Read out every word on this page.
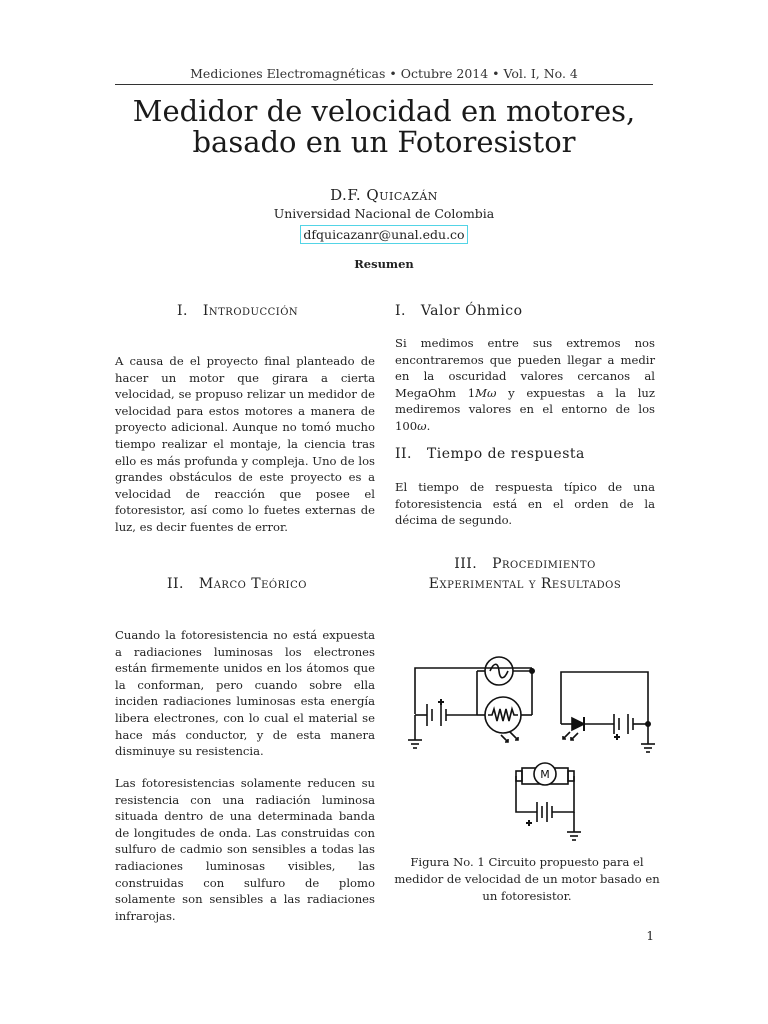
Mediciones Electromagnéticas • Octubre 2014 • Vol. I, No. 4
Medidor de velocidad en motores,
basado en un Fotoresistor
D.F. Quicazán
Universidad Nacional de Colombia
dfquicazanr@unal.edu.co
Resumen
I. Introducción

A causa de el proyecto final planteado de hacer un motor que girara a cierta velocidad, se propuso relizar un medidor de velocidad para estos motores a manera de proyecto adicional. Aunque no tomó mucho tiempo realizar el montaje, la ciencia tras ello es más profunda y compleja. Uno de los grandes obstáculos de este proyecto es a velocidad de reacción que posee el fotoresistor, así como lo fuetes externas de luz, es decir fuentes de error.

II. Marco Teórico

Cuando la fotoresistencia no está expuesta a radiaciones luminosas los electrones están firmemente unidos en los átomos que la conforman, pero cuando sobre ella inciden radiaciones luminosas esta energía libera electrones, con lo cual el material se hace más conductor, y de esta manera disminuye su resistencia.

Las fotoresistencias solamente reducen su resistencia con una radiación luminosa situada dentro de una determinada banda de longitudes de onda. Las construidas con sulfuro de cadmio son sensibles a todas las radiaciones luminosas visibles, las construidas con sulfuro de plomo solamente son sensibles a las radiaciones infrarojas.

I. Valor Óhmico

Si medimos entre sus extremos nos encontraremos que pueden llegar a medir en la oscuridad valores cercanos al MegaOhm 1Mω y expuestas a la luz mediremos valores en el entorno de los 100ω.

II. Tiempo de respuesta

El tiempo de respuesta típico de una fotoresistencia está en el orden de la décima de segundo.

III. Procedimiento
Experimental y Resultados
M
Figura No. 1 Circuito propuesto para el medidor de velocidad de un motor basado en un fotoresistor.
1
